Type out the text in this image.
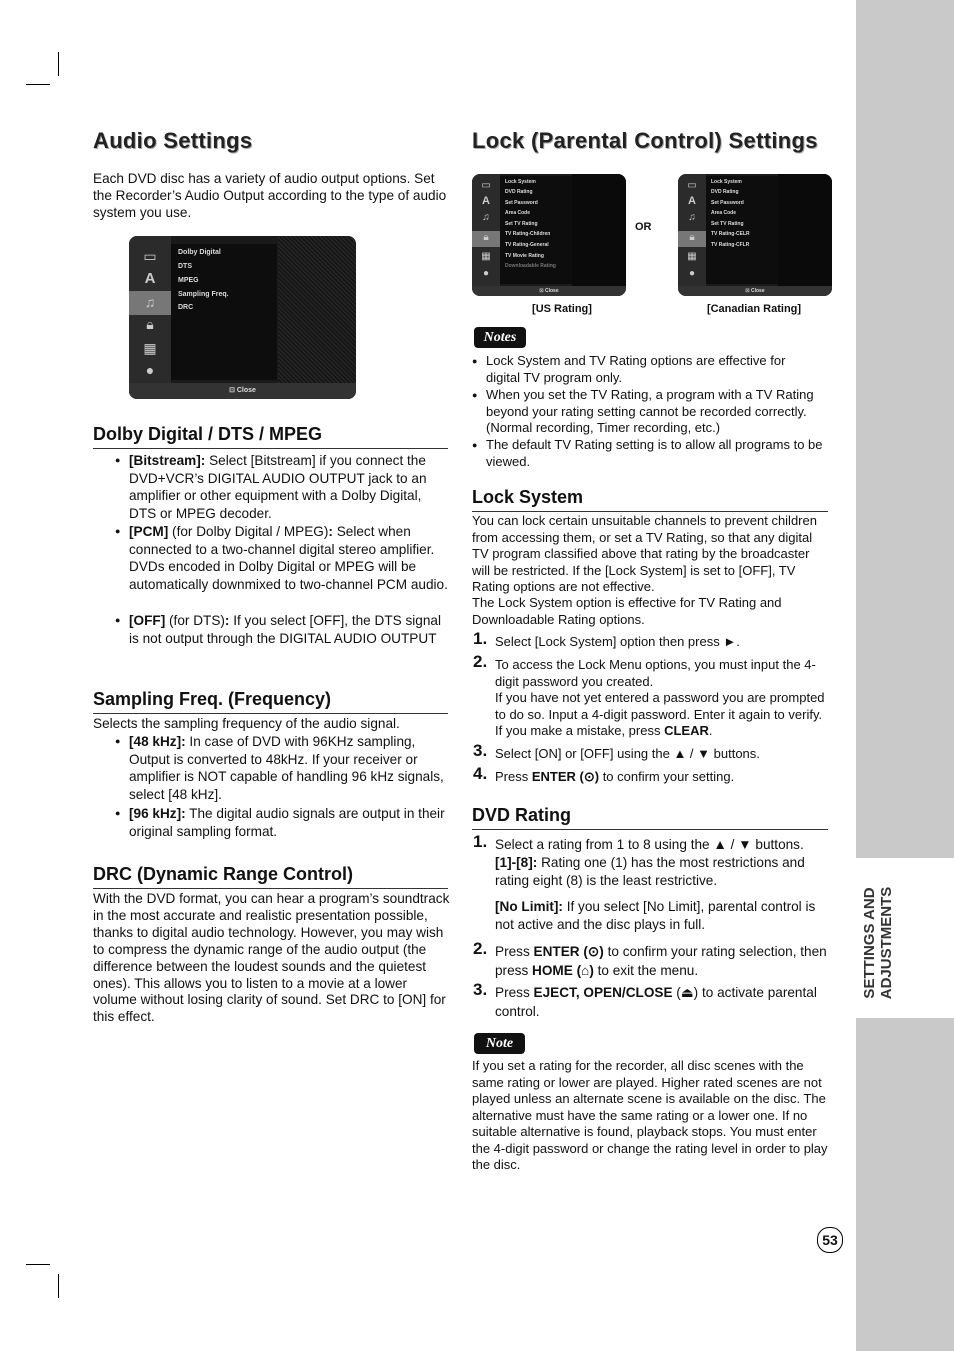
SETTINGS AND ADJUSTMENTS
Audio Settings

Each DVD disc has a variety of audio output options. Set the Recorder’s Audio Output according to the type of audio system you use.

▭
A
♫
🔒︎
▦
●
Dolby Digital
DTS
MPEG
Sampling Freq.
DRC
⊡ Close
Dolby Digital / DTS / MPEG
● [Bitstream]: Select [Bitstream] if you connect the DVD+VCR’s DIGITAL AUDIO OUTPUT jack to an amplifier or other equipment with a Dolby Digital, DTS or MPEG decoder.
● [PCM] (for Dolby Digital / MPEG): Select when connected to a two-channel digital stereo amplifier. DVDs encoded in Dolby Digital or MPEG will be automatically downmixed to two-channel PCM audio.
● [OFF] (for DTS): If you select [OFF], the DTS signal is not output through the DIGITAL AUDIO OUTPUT
Sampling Freq. (Frequency)

Selects the sampling frequency of the audio signal.

● [48 kHz]: In case of DVD with 96KHz sampling, Output is converted to 48kHz. If your receiver or amplifier is NOT capable of handling 96 kHz signals, select [48 kHz].
● [96 kHz]: The digital audio signals are output in their original sampling format.
DRC (Dynamic Range Control)

With the DVD format, you can hear a program’s soundtrack in the most accurate and realistic presentation possible, thanks to digital audio technology. However, you may wish to compress the dynamic range of the audio output (the difference between the loudest sounds and the quietest ones). This allows you to listen to a movie at a lower volume without losing clarity of sound. Set DRC to [ON] for this effect.

Lock (Parental Control) Settings
▭
A
♫
🔒︎
▦
●
Lock System
DVD Rating
Set Password
Area Code
Set TV Rating
TV Rating-Children
TV Rating-General
TV Movie Rating
Downloadable Rating
⊡ Close
OR
▭
A
♫
🔒︎
▦
●
Lock System
DVD Rating
Set Password
Area Code
Set TV Rating
TV Rating-CELR
TV Rating-CFLR
⊡ Close
[US Rating]	[Canadian Rating]
Notes
● Lock System and TV Rating options are effective for digital TV program only.
● When you set the TV Rating, a program with a TV Rating beyond your rating setting cannot be recorded correctly. (Normal recording, Timer recording, etc.)
● The default TV Rating setting is to allow all programs to be viewed.
Lock System

You can lock certain unsuitable channels to prevent children from accessing them, or set a TV Rating, so that any digital TV program classified above that rating by the broadcaster will be restricted. If the [Lock System] is set to [OFF], TV Rating options are not effective.

The Lock System option is effective for TV Rating and Downloadable Rating options.

1. Select [Lock System] option then press ►.
2. To access the Lock Menu options, you must input the 4-digit password you created.
If you have not yet entered a password you are prompted to do so. Input a 4-digit password. Enter it again to verify. If you make a mistake, press CLEAR.
3. Select [ON] or [OFF] using the ▲ / ▼ buttons.
4. Press ENTER (⊙) to confirm your setting.
DVD Rating
1. Select a rating from 1 to 8 using the ▲ / ▼ buttons.
[1]-[8]: Rating one (1) has the most restrictions and rating eight (8) is the least restrictive.
[No Limit]: If you select [No Limit], parental control is not active and the disc plays in full.
2. Press ENTER (⊙) to confirm your rating selection, then press HOME (⌂) to exit the menu.
3. Press EJECT, OPEN/CLOSE (⏏) to activate parental control.
Note

If you set a rating for the recorder, all disc scenes with the same rating or lower are played. Higher rated scenes are not played unless an alternate scene is available on the disc. The alternative must have the same rating or a lower one. If no suitable alternative is found, playback stops. You must enter the 4-digit password or change the rating level in order to play the disc.

53
